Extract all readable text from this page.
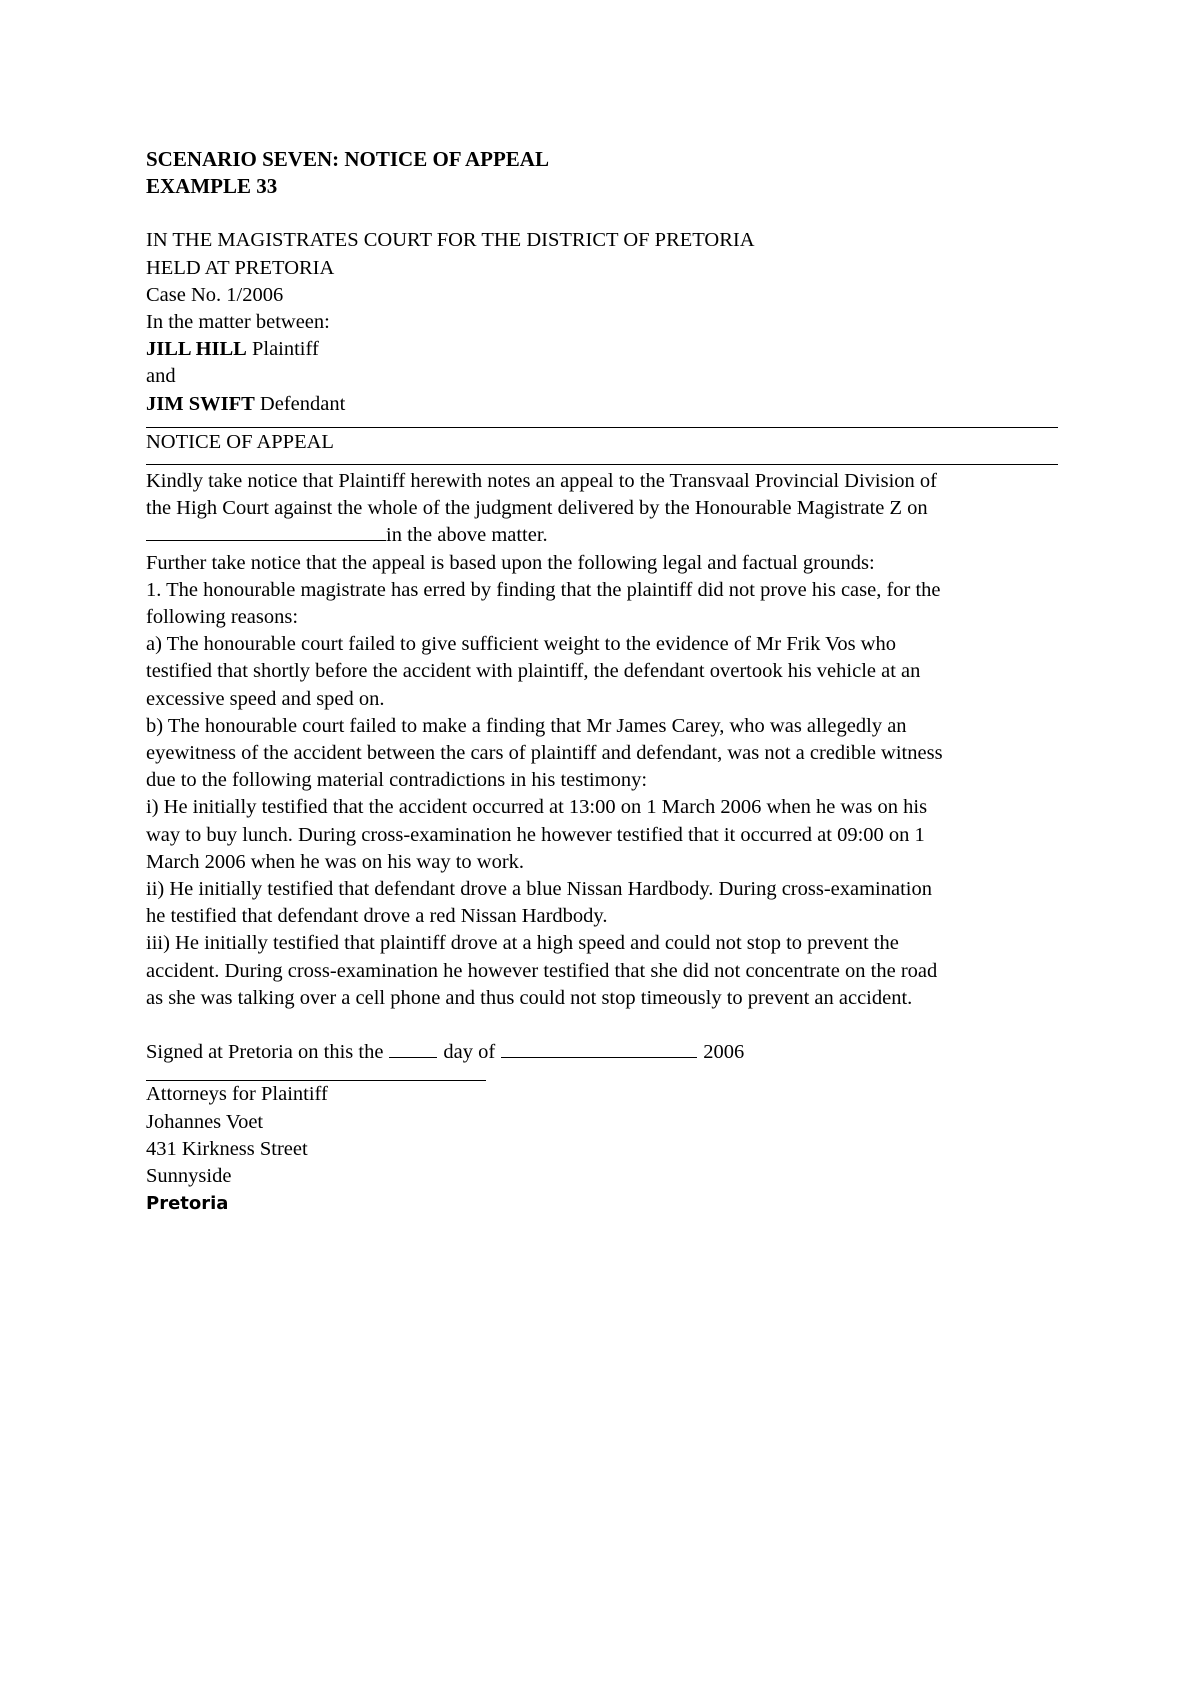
SCENARIO SEVEN: NOTICE OF APPEAL
EXAMPLE 33
IN THE MAGISTRATES COURT FOR THE DISTRICT OF PRETORIA
HELD AT PRETORIA
Case No. 1/2006
In the matter between:
JILL HILL Plaintiff
and
JIM SWIFT Defendant
NOTICE OF APPEAL
Kindly take notice that Plaintiff herewith notes an appeal to the Transvaal Provincial Division of
the High Court against the whole of the judgment delivered by the Honourable Magistrate Z on
in the above matter.
Further take notice that the appeal is based upon the following legal and factual grounds:
1. The honourable magistrate has erred by finding that the plaintiff did not prove his case, for the
following reasons:
a) The honourable court failed to give sufficient weight to the evidence of Mr Frik Vos who
testified that shortly before the accident with plaintiff, the defendant overtook his vehicle at an
excessive speed and sped on.
b) The honourable court failed to make a finding that Mr James Carey, who was allegedly an
eyewitness of the accident between the cars of plaintiff and defendant, was not a credible witness
due to the following material contradictions in his testimony:
i) He initially testified that the accident occurred at 13:00 on 1 March 2006 when he was on his
way to buy lunch. During cross-examination he however testified that it occurred at 09:00 on 1
March 2006 when he was on his way to work.
ii) He initially testified that defendant drove a blue Nissan Hardbody. During cross-examination
he testified that defendant drove a red Nissan Hardbody.
iii) He initially testified that plaintiff drove at a high speed and could not stop to prevent the
accident. During cross-examination he however testified that she did not concentrate on the road
as she was talking over a cell phone and thus could not stop timeously to prevent an accident.
Signed at Pretoria on this the	day of	2006
Attorneys for Plaintiff
Johannes Voet
431 Kirkness Street
Sunnyside
Pretoria
